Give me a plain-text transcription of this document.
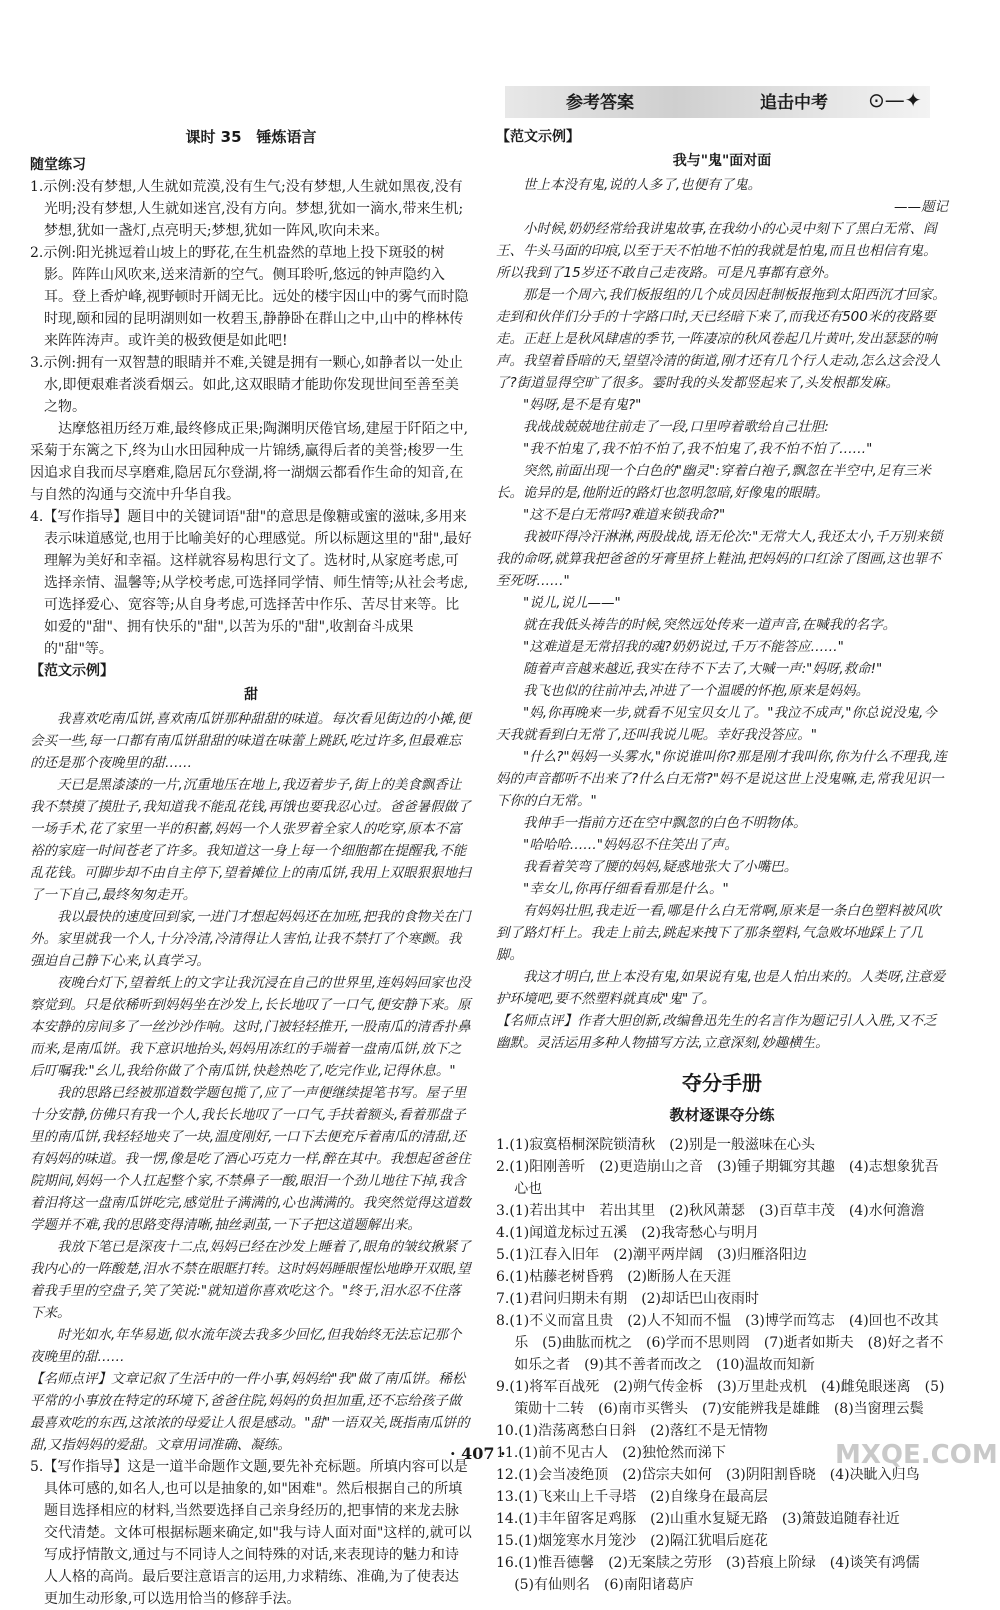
参考答案	追击中考 ⊙—✦
课时 35　锤炼语言
随堂练习

1.示例:没有梦想,人生就如荒漠,没有生气;没有梦想,人生就如黑夜,没有光明;没有梦想,人生就如迷宫,没有方向。梦想,犹如一滴水,带来生机;梦想,犹如一盏灯,点亮明天;梦想,犹如一阵风,吹向未来。

2.示例:阳光挑逗着山坡上的野花,在生机盎然的草地上投下斑驳的树影。阵阵山风吹来,送来清新的空气。侧耳聆听,悠远的钟声隐约入耳。登上香炉峰,视野顿时开阔无比。远处的楼宇因山中的雾气而时隐时现,颐和园的昆明湖则如一枚碧玉,静静卧在群山之中,山中的桦林传来阵阵涛声。或许美的极致便是如此吧!

3.示例:拥有一双智慧的眼睛并不难,关键是拥有一颗心,如静者以一处止水,即便艰难者淡看烟云。如此,这双眼睛才能助你发现世间至善至美之物。

达摩悠祖历经万难,最终修成正果;陶渊明厌倦官场,建屋于阡陌之中,采菊于东篱之下,终为山水田园种成一片锦绣,赢得后者的美誉;梭罗一生因追求自我而尽享磨难,隐居瓦尔登湖,将一湖烟云都看作生命的知音,在与自然的沟通与交流中升华自我。

4.【写作指导】题目中的关键词语"甜"的意思是像糖或蜜的滋味,多用来表示味道感觉,也用于比喻美好的心理感觉。所以标题这里的"甜",最好理解为美好和幸福。这样就容易构思行文了。选材时,从家庭考虑,可选择亲情、温馨等;从学校考虑,可选择同学情、师生情等;从社会考虑,可选择爱心、宽容等;从自身考虑,可选择苦中作乐、苦尽甘来等。比如爱的"甜"、拥有快乐的"甜",以苦为乐的"甜",收割奋斗成果的"甜"等。

【范文示例】
甜

我喜欢吃南瓜饼,喜欢南瓜饼那种甜甜的味道。每次看见街边的小摊,便会买一些,每一口都有南瓜饼甜甜的味道在味蕾上跳跃,吃过许多,但最难忘的还是那个夜晚里的甜……

天已是黑漆漆的一片,沉重地压在地上,我迈着步子,街上的美食飘香让我不禁摸了摸肚子,我知道我不能乱花钱,再饿也要我忍心过。爸爸暑假做了一场手术,花了家里一半的积蓄,妈妈一个人张罗着全家人的吃穿,原本不富裕的家庭一时间苍老了许多。我知道这一身上每一个细胞都在提醒我,不能乱花钱。可脚步却不由自主停下,望着摊位上的南瓜饼,我用上双眼狠狠地扫了一下自己,最终匆匆走开。

我以最快的速度回到家,一进门才想起妈妈还在加班,把我的食物关在门外。家里就我一个人,十分冷清,冷清得让人害怕,让我不禁打了个寒颤。我强迫自己静下心来,认真学习。

夜晚台灯下,望着纸上的文字让我沉浸在自己的世界里,连妈妈回家也没察觉到。只是依稀听到妈妈坐在沙发上,长长地叹了一口气,便安静下来。原本安静的房间多了一丝沙沙作响。这时,门被轻轻推开,一股南瓜的清香扑鼻而来,是南瓜饼。我下意识地抬头,妈妈用冻红的手端着一盘南瓜饼,放下之后叮嘱我:"幺儿,我给你做了个南瓜饼,快趁热吃了,吃完作业,记得休息。"

我的思路已经被那道数学题包揽了,应了一声便继续提笔书写。屋子里十分安静,仿佛只有我一个人,我长长地叹了一口气,手扶着额头,看着那盘子里的南瓜饼,我轻轻地夹了一块,温度刚好,一口下去便充斥着南瓜的清甜,还有妈妈的味道。我一愣,像是吃了酒心巧克力一样,醉在其中。我想起爸爸住院期间,妈妈一个人扛起整个家,不禁鼻子一酸,眼泪一个劲儿地往下掉,我含着泪将这一盘南瓜饼吃完,感觉肚子满满的,心也满满的。我突然觉得这道数学题并不难,我的思路变得清晰,抽丝剥茧,一下子把这道题解出来。

我放下笔已是深夜十二点,妈妈已经在沙发上睡着了,眼角的皱纹揪紧了我内心的一阵酸楚,泪水不禁在眼眶打转。这时妈妈睡眼惺忪地睁开双眼,望着我手里的空盘子,笑了笑说:"就知道你喜欢吃这个。"终于,泪水忍不住落下来。

时光如水,年华易逝,似水流年淡去我多少回忆,但我始终无法忘记那个夜晚里的甜……

【名师点评】文章记叙了生活中的一件小事,妈妈给"我"做了南瓜饼。稀松平常的小事放在特定的环境下,爸爸住院,妈妈的负担加重,还不忘给孩子做最喜欢吃的东西,这浓浓的母爱让人很是感动。"甜"一语双关,既指南瓜饼的甜,又指妈妈的爱甜。文章用词准确、凝练。

5.【写作指导】这是一道半命题作文题,要先补充标题。所填内容可以是具体可感的,如名人,也可以是抽象的,如"困难"。然后根据自己的所填题目选择相应的材料,当然要选择自己亲身经历的,把事情的来龙去脉交代清楚。文体可根据标题来确定,如"我与诗人面对面"这样的,就可以写成抒情散文,通过与不同诗人之间特殊的对话,来表现诗的魅力和诗人人格的高尚。最后要注意语言的运用,力求精练、准确,为了使表达更加生动形象,可以选用恰当的修辞手法。

【范文示例】
我与"鬼"面对面

世上本没有鬼,说的人多了,也便有了鬼。

——题记

小时候,奶奶经常给我讲鬼故事,在我幼小的心灵中刻下了黑白无常、阎王、牛头马面的印痕,以至于天不怕地不怕的我就是怕鬼,而且也相信有鬼。所以我到了15岁还不敢自己走夜路。可是凡事都有意外。

那是一个周六,我们板报组的几个成员因赶制板报拖到太阳西沉才回家。走到和伙伴们分手的十字路口时,天已经暗下来了,而我还有500米的夜路要走。正赶上是秋风肆虐的季节,一阵凄凉的秋风卷起几片黄叶,发出瑟瑟的响声。我望着昏暗的天,望望冷清的街道,刚才还有几个行人走动,怎么这会没人了?街道显得空旷了很多。霎时我的头发都竖起来了,头发根都发麻。

"妈呀,是不是有鬼?"

我战战兢兢地往前走了一段,口里哼着歌给自己壮胆:

"我不怕鬼了,我不怕不怕了,我不怕鬼了,我不怕不怕了……"

突然,前面出现一个白色的"幽灵":穿着白袍子,飘忽在半空中,足有三米长。诡异的是,他附近的路灯也忽明忽暗,好像鬼的眼睛。

"这不是白无常吗?难道来锁我命?"

我被吓得冷汗淋淋,两股战战,语无伦次:"无常大人,我还太小,千万别来锁我的命呀,就算我把爸爸的牙膏里挤上鞋油,把妈妈的口红涂了图画,这也罪不至死呀……"

"说儿,说儿——"

就在我低头祷告的时候,突然远处传来一道声音,在喊我的名字。

"这难道是无常招我的魂?奶奶说过,千万不能答应……"

随着声音越来越近,我实在待不下去了,大喊一声:"妈呀,救命!"

我飞也似的往前冲去,冲进了一个温暖的怀抱,原来是妈妈。

"妈,你再晚来一步,就看不见宝贝女儿了。"我泣不成声,"你总说没鬼,今天我就看到白无常了,还叫我说儿呢。幸好我没答应。"

"什么?"妈妈一头雾水,"你说谁叫你?那是刚才我叫你,你为什么不理我,连妈的声音都听不出来了?什么白无常?"妈不是说这世上没鬼嘛,走,常我见识一下你的白无常。"

我伸手一指前方还在空中飘忽的白色不明物体。

"哈哈哈……"妈妈忍不住笑出了声。

我看着笑弯了腰的妈妈,疑惑地张大了小嘴巴。

"幸女儿,你再仔细看看那是什么。"

有妈妈壮胆,我走近一看,哪是什么白无常啊,原来是一条白色塑料被风吹到了路灯杆上。我走上前去,跳起来拽下了那条塑料,气急败坏地踩上了几脚。

我这才明白,世上本没有鬼,如果说有鬼,也是人怕出来的。人类呀,注意爱护环境吧,要不然塑料就真成"鬼"了。

【名师点评】作者大胆创新,改编鲁迅先生的名言作为题记引人入胜,又不乏幽默。灵活运用多种人物描写方法,立意深刻,妙趣横生。

夺分手册
教材逐课夺分练

1.(1)寂寞梧桐深院锁清秋　(2)别是一般滋味在心头

2.(1)阳刚善听　(2)更造崩山之音　(3)锺子期辄穷其趣　(4)志想象犹吾心也

3.(1)若出其中　若出其里　(2)秋风萧瑟　(3)百草丰茂　(4)水何澹澹

4.(1)闻道龙标过五溪　(2)我寄愁心与明月

5.(1)江春入旧年　(2)潮平两岸阔　(3)归雁洛阳边

6.(1)枯藤老树昏鸦　(2)断肠人在天涯

7.(1)君问归期未有期　(2)却话巴山夜雨时

8.(1)不义而富且贵　(2)人不知而不愠　(3)博学而笃志　(4)回也不改其乐　(5)曲肱而枕之　(6)学而不思则罔　(7)逝者如斯夫　(8)好之者不如乐之者　(9)其不善者而改之　(10)温故而知新

9.(1)将军百战死　(2)朔气传金柝　(3)万里赴戎机　(4)雌兔眼迷离　(5)策勋十二转　(6)南市买辔头　(7)安能辨我是雄雌　(8)当窗理云鬓

10.(1)浩荡离愁白日斜　(2)落红不是无情物

11.(1)前不见古人　(2)独怆然而涕下

12.(1)会当凌绝顶　(2)岱宗夫如何　(3)阴阳割昏晓　(4)决眦入归鸟

13.(1)飞来山上千寻塔　(2)自缘身在最高层

14.(1)丰年留客足鸡豚　(2)山重水复疑无路　(3)箫鼓追随春社近

15.(1)烟笼寒水月笼沙　(2)隔江犹唱后庭花

16.(1)惟吾德馨　(2)无案牍之劳形　(3)苔痕上阶绿　(4)谈笑有鸿儒　(5)有仙则名　(6)南阳诸葛庐

· 407 ·	MXQE.COM
